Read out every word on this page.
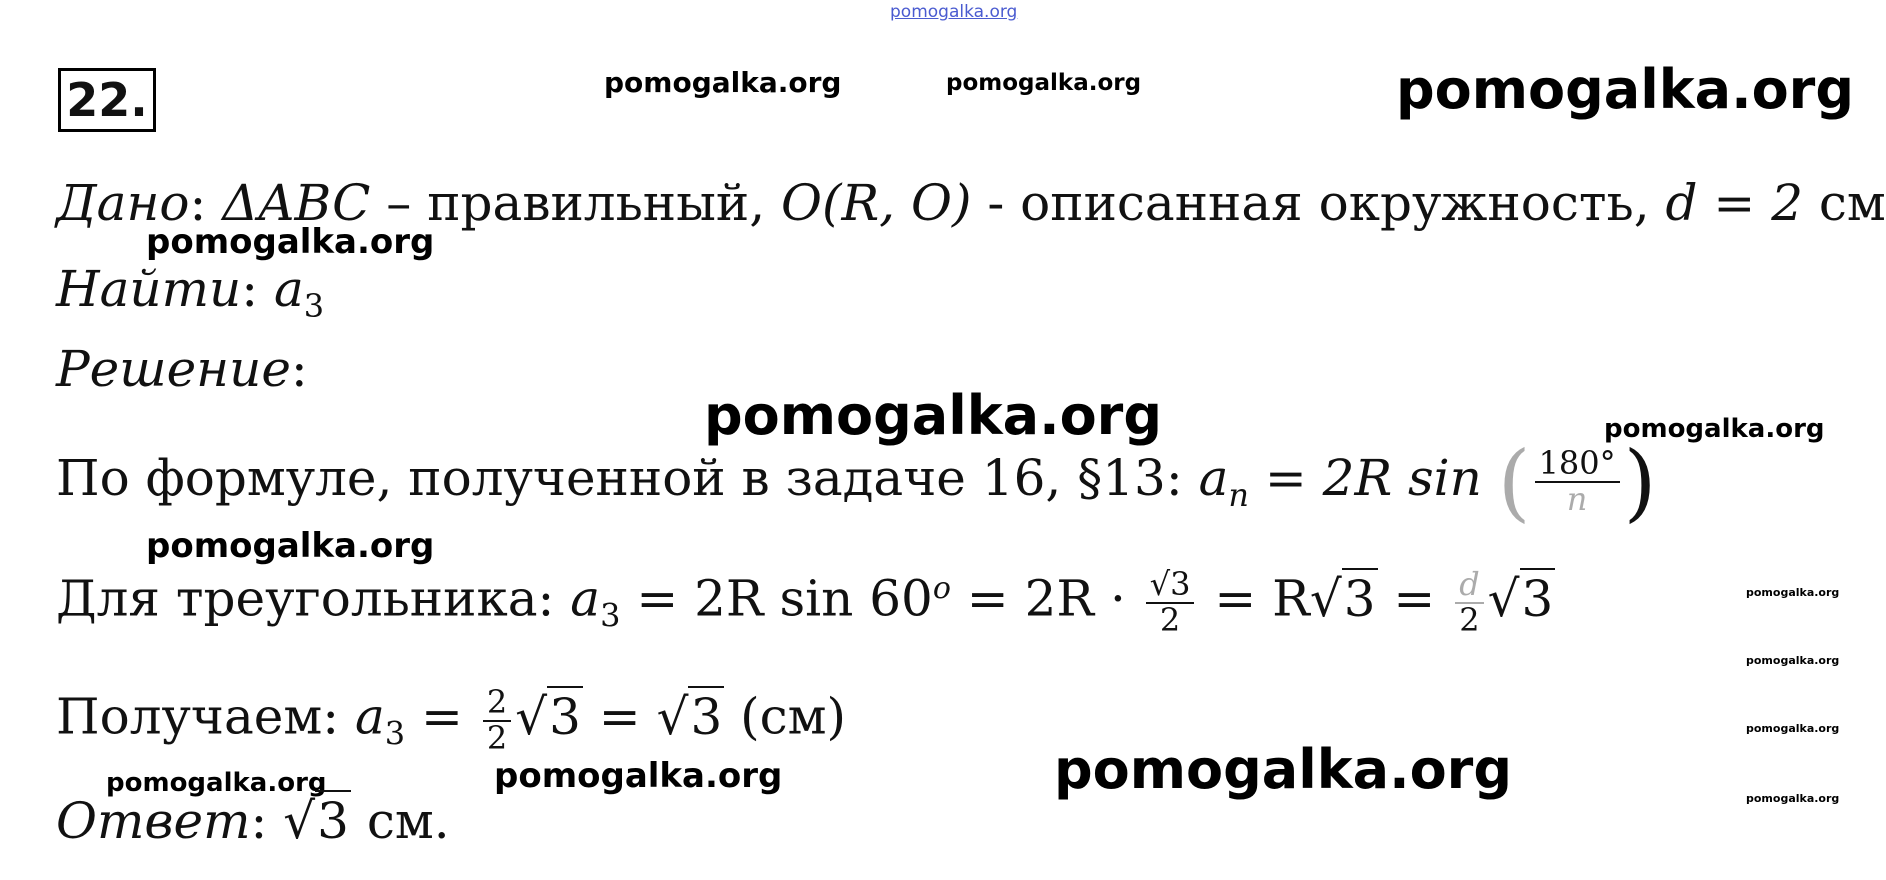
pomogalka.org
pomogalka.org	pomogalka.org	pomogalka.org
pomogalka.org
pomogalka.org	pomogalka.org
pomogalka.org
pomogalka.org	pomogalka.org	pomogalka.org
pomogalka.org
pomogalka.org
pomogalka.org
pomogalka.org
22.
Дано: ΔABC – правильный, O(R, O) - описанная окружность, d = 2 см
Найти: $a_3$
Решение:
По формуле, полученной в задаче 16, §13: $a_n = 2R$ sin ( $\frac{180^\circ}{n}$ )
Для треугольника: $a_3 = 2R$ $\sin 60^o = 2R \cdot \frac{√3}{2} = R√3 = \frac{d}{2} √3$
Получаем: $a_3 = \frac{2}{2} √3 = √3$ (см)
Ответ: √3 см.
